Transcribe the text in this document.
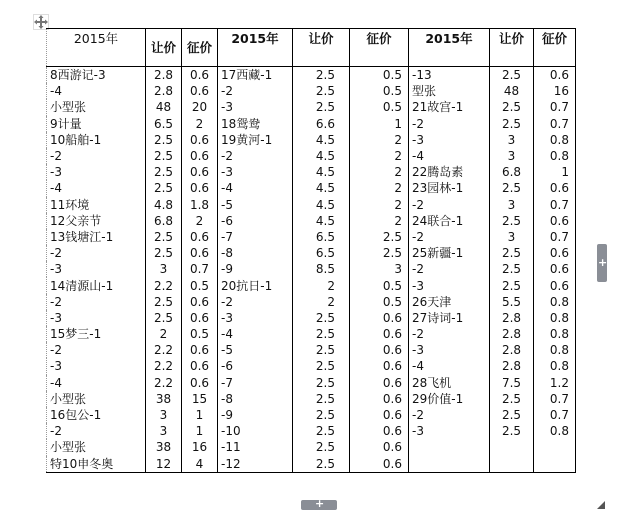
2015年	让价	征价	2015年	让价	征价	2015年	让价	征价
8西游记-3	2.8	0.6	17西藏-1	2.5	0.5	-13	2.5	0.6
-4	2.8	0.6	-2	2.5	0.5	型张	48	16
小型张	48	20	-3	2.5	0.5	21故宫-1	2.5	0.7
9计量	6.5	2	18鸳鸯	6.6	1	-2	2.5	0.7
10船舶-1	2.5	0.6	19黄河-1	4.5	2	-3	3	0.8
-2	2.5	0.6	-2	4.5	2	-4	3	0.8
-3	2.5	0.6	-3	4.5	2	22腾岛素	6.8	1
-4	2.5	0.6	-4	4.5	2	23园林-1	2.5	0.6
11环境	4.8	1.8	-5	4.5	2	-2	3	0.7
12父亲节	6.8	2	-6	4.5	2	24联合-1	2.5	0.6
13钱塘江-1	2.5	0.6	-7	6.5	2.5	-2	3	0.7
-2	2.5	0.6	-8	6.5	2.5	25新疆-1	2.5	0.6
-3	3	0.7	-9	8.5	3	-2	2.5	0.6
14清源山-1	2.2	0.5	20抗日-1	2	0.5	-3	2.5	0.6
-2	2.5	0.6	-2	2	0.5	26天津	5.5	0.8
-3	2.5	0.6	-3	2.5	0.6	27诗词-1	2.8	0.8
15梦三-1	2	0.5	-4	2.5	0.6	-2	2.8	0.8
-2	2.2	0.6	-5	2.5	0.6	-3	2.8	0.8
-3	2.2	0.6	-6	2.5	0.6	-4	2.8	0.8
-4	2.2	0.6	-7	2.5	0.6	28飞机	7.5	1.2
小型张	38	15	-8	2.5	0.6	29价值-1	2.5	0.7
16包公-1	3	1	-9	2.5	0.6	-2	2.5	0.7
-2	3	1	-10	2.5	0.6	-3	2.5	0.8
小型张	38	16	-11	2.5	0.6			
特10申冬奥	12	4	-12	2.5	0.6			
+
+
